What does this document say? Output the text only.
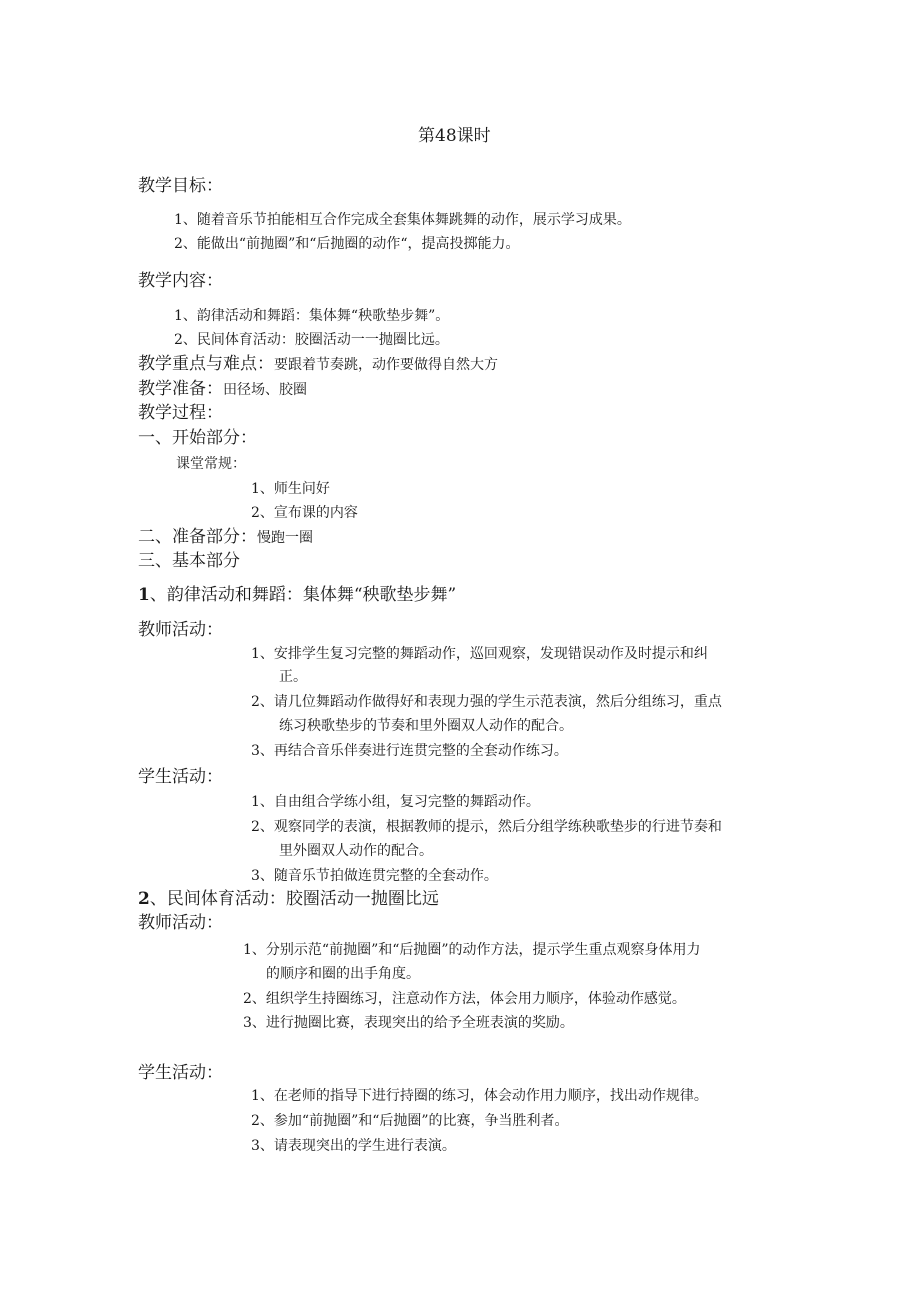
第48课时
教学目标：
1、随着音乐节拍能相互合作完成全套集体舞跳舞的动作，展示学习成果。
2、能做出“前抛圈”和“后抛圈的动作“，提高投掷能力。
教学内容：
1、韵律活动和舞蹈：集体舞“秧歌垫步舞”。
2、民间体育活动：胶圈活动一一抛圈比远。
教学重点与难点：要跟着节奏跳，动作要做得自然大方
教学准备：田径场、胶圈
教学过程：
一、开始部分：
课堂常规：
1、师生问好
2、宣布课的内容
二、准备部分：慢跑一圈
三、基本部分
1、韵律活动和舞蹈：集体舞“秧歌垫步舞”
教师活动：
1、安排学生复习完整的舞蹈动作，巡回观察，发现错误动作及时提示和纠
正。
2、请几位舞蹈动作做得好和表现力强的学生示范表演，然后分组练习，重点
练习秧歌垫步的节奏和里外圈双人动作的配合。
3、再结合音乐伴奏进行连贯完整的全套动作练习。
学生活动：
1、自由组合学练小组，复习完整的舞蹈动作。
2、观察同学的表演，根据教师的提示，然后分组学练秧歌垫步的行进节奏和
里外圈双人动作的配合。
3、随音乐节拍做连贯完整的全套动作。
2、民间体育活动：胶圈活动一抛圈比远
教师活动：
1、分别示范“前抛圈”和“后抛圈”的动作方法，提示学生重点观察身体用力
的顺序和圈的出手角度。
2、组织学生持圈练习，注意动作方法，体会用力顺序，体验动作感觉。
3、进行抛圈比赛，表现突出的给予全班表演的奖励。
学生活动：
1、在老师的指导下进行持圈的练习，体会动作用力顺序，找出动作规律。
2、参加“前抛圈”和“后抛圈”的比赛，争当胜利者。
3、请表现突出的学生进行表演。
